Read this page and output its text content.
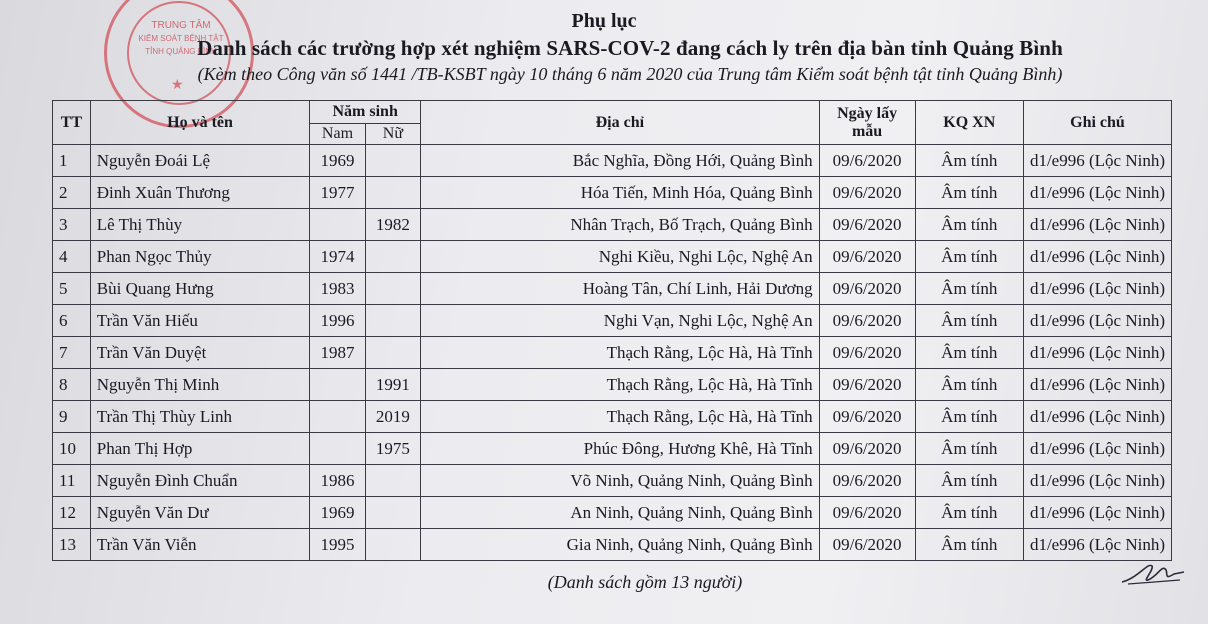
TRUNG TÂM
KIỂM SOÁT BỆNH TẬT
TỈNH QUẢNG BÌNH
★
Phụ lục
Danh sách các trường hợp xét nghiệm SARS-COV-2 đang cách ly trên địa bàn tỉnh Quảng Bình
(Kèm theo Công văn số 1441 /TB-KSBT ngày 10 tháng 6 năm 2020 của Trung tâm Kiểm soát bệnh tật tỉnh Quảng Bình)
TT	Họ và tên	Năm sinh		Địa chỉ	Ngày lấy mẫu	KQ XN	Ghi chú
		Nam	Nữ				
1	Nguyễn Đoái Lệ	1969		Bắc Nghĩa, Đồng Hới, Quảng Bình	09/6/2020	Âm tính	d1/e996 (Lộc Ninh)
2	Đinh Xuân Thương	1977		Hóa Tiến, Minh Hóa, Quảng Bình	09/6/2020	Âm tính	d1/e996 (Lộc Ninh)
3	Lê Thị Thùy		1982	Nhân Trạch, Bố Trạch, Quảng Bình	09/6/2020	Âm tính	d1/e996 (Lộc Ninh)
4	Phan Ngọc Thủy	1974		Nghi Kiều, Nghi Lộc, Nghệ An	09/6/2020	Âm tính	d1/e996 (Lộc Ninh)
5	Bùi Quang Hưng	1983		Hoàng Tân, Chí Linh, Hải Dương	09/6/2020	Âm tính	d1/e996 (Lộc Ninh)
6	Trần Văn Hiếu	1996		Nghi Vạn, Nghi Lộc, Nghệ An	09/6/2020	Âm tính	d1/e996 (Lộc Ninh)
7	Trần Văn Duyệt	1987		Thạch Rằng, Lộc Hà, Hà Tĩnh	09/6/2020	Âm tính	d1/e996 (Lộc Ninh)
8	Nguyễn Thị Minh		1991	Thạch Rằng, Lộc Hà, Hà Tĩnh	09/6/2020	Âm tính	d1/e996 (Lộc Ninh)
9	Trần Thị Thùy Linh		2019	Thạch Rằng, Lộc Hà, Hà Tĩnh	09/6/2020	Âm tính	d1/e996 (Lộc Ninh)
10	Phan Thị Hợp		1975	Phúc Đông, Hương Khê, Hà Tĩnh	09/6/2020	Âm tính	d1/e996 (Lộc Ninh)
11	Nguyễn Đình Chuẩn	1986		Võ Ninh, Quảng Ninh, Quảng Bình	09/6/2020	Âm tính	d1/e996 (Lộc Ninh)
12	Nguyễn Văn Dư	1969		An Ninh, Quảng Ninh, Quảng Bình	09/6/2020	Âm tính	d1/e996 (Lộc Ninh)
13	Trần Văn Viễn	1995		Gia Ninh, Quảng Ninh, Quảng Bình	09/6/2020	Âm tính	d1/e996 (Lộc Ninh)
(Danh sách gồm 13 người)
